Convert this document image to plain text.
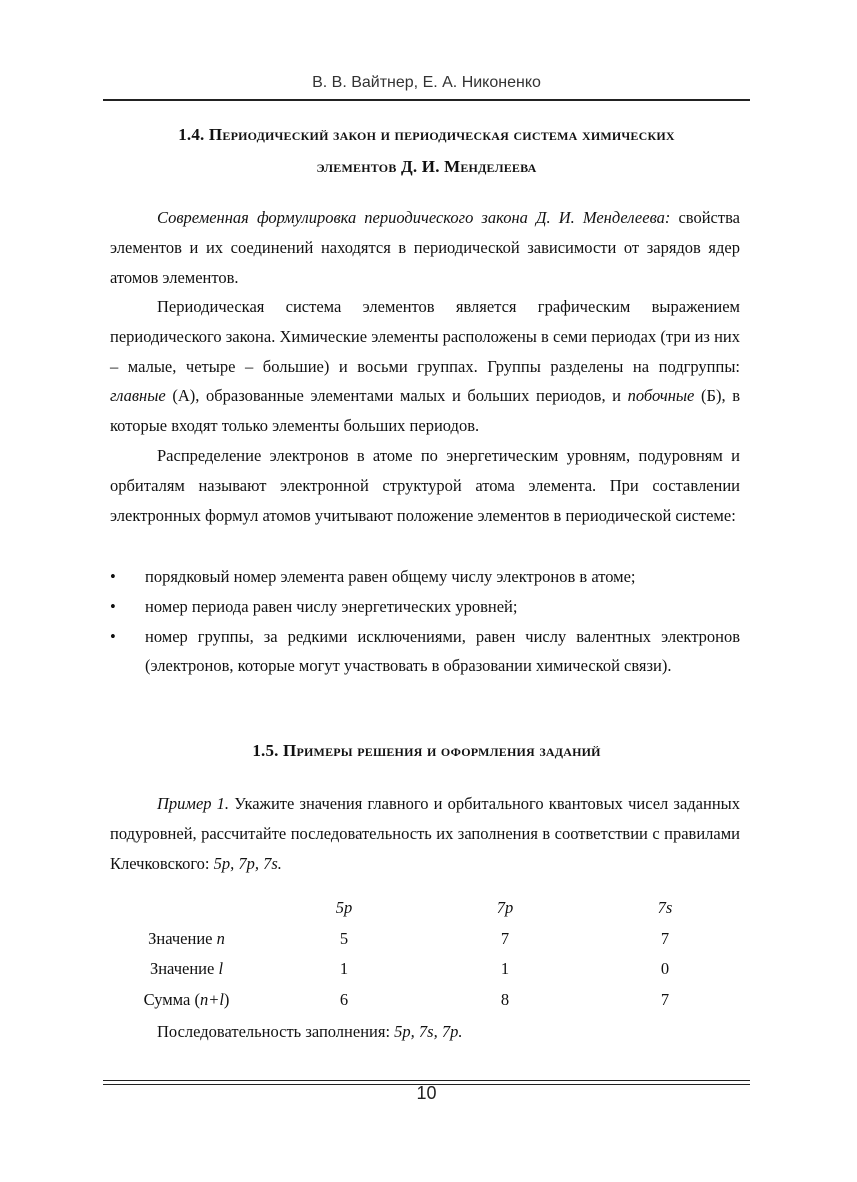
В. В. Вайтнер, Е. А. Никоненко
1.4. Периодический закон и периодическая система химических
элементов Д. И. Менделеева

Современная формулировка периодического закона Д. И. Менделеева: свойства элементов и их соединений находятся в периодической зависимости от зарядов ядер атомов элементов.

Периодическая система элементов является графическим выражением периодического закона. Химические элементы расположены в семи периодах (три из них – малые, четыре – большие) и восьми группах. Группы разделены на подгруппы: главные (А), образованные элементами малых и больших периодов, и побочные (Б), в которые входят только элементы больших периодов.

Распределение электронов в атоме по энергетическим уровням, подуровням и орбиталям называют электронной структурой атома элемента. При составлении электронных формул атомов учитывают положение элементов в периодической системе:

• порядковый номер элемента равен общему числу электронов в атоме;
• номер периода равен числу энергетических уровней;
• номер группы, за редкими исключениями, равен числу валентных электронов (электронов, которые могут участвовать в образовании химической связи).
1.5. Примеры решения и оформления заданий

Пример 1. Укажите значения главного и орбитального квантовых чисел заданных подуровней, рассчитайте последовательность их заполнения в соответствии с правилами Клечковского: 5p, 7p, 7s.

	5p	7p	7s
Значение n	5	7	7
Значение l	1	1	0
Сумма (n+l)	6	8	7

Последовательность заполнения: 5p, 7s, 7p.

10
